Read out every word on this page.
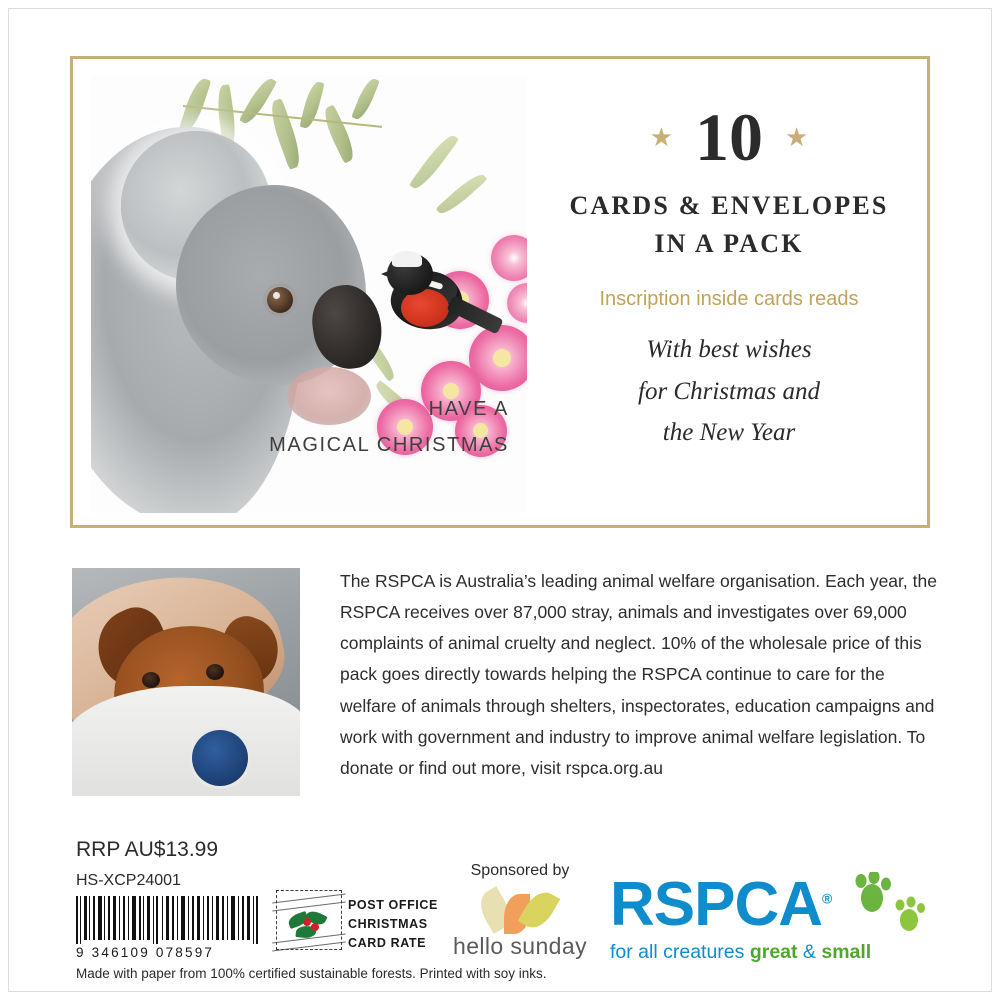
HAVE A
MAGICAL CHRISTMAS
★ 10 ★
CARDS & ENVELOPES
IN A PACK
Inscription inside cards reads
With best wishes
for Christmas and
the New Year
The RSPCA is Australia’s leading animal welfare organisation. Each year, the RSPCA receives over 87,000 stray, animals and investigates over 69,000 complaints of animal cruelty and neglect. 10% of the wholesale price of this pack goes directly towards helping the RSPCA continue to care for the welfare of animals through shelters, inspectorates, education campaigns and work with government and industry to improve animal welfare legislation. To donate or find out more, visit rspca.org.au
RRP AU$13.99
HS-XCP24001
9 346109 078597
POST OFFICE
CHRISTMAS
CARD RATE
Sponsored by
hello sunday
RSPCA®
for all creatures great & small
Made with paper from 100% certified sustainable forests. Printed with soy inks.
